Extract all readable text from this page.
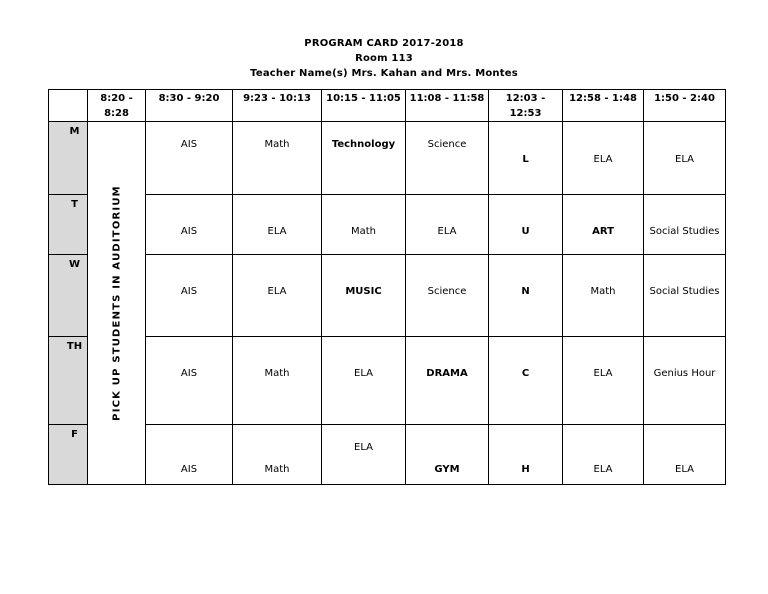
PROGRAM CARD 2017-2018
Room 113
Teacher Name(s) Mrs. Kahan and Mrs. Montes
	8:20 - 8:28	8:30 - 9:20	9:23 - 10:13	10:15 - 11:05	11:08 - 11:58	12:03 - 12:53	12:58 - 1:48	1:50 - 2:40
M	PICK UP STUDENTS IN AUDITORIUM	AIS	Math	Technology	Science	L	ELA	ELA
T		AIS	ELA	Math	ELA	U	ART	Social Studies
W		AIS	ELA	MUSIC	Science	N	Math	Social Studies
TH		AIS	Math	ELA	DRAMA	C	ELA	Genius Hour
F		AIS	Math	ELA	GYM	H	ELA	ELA
